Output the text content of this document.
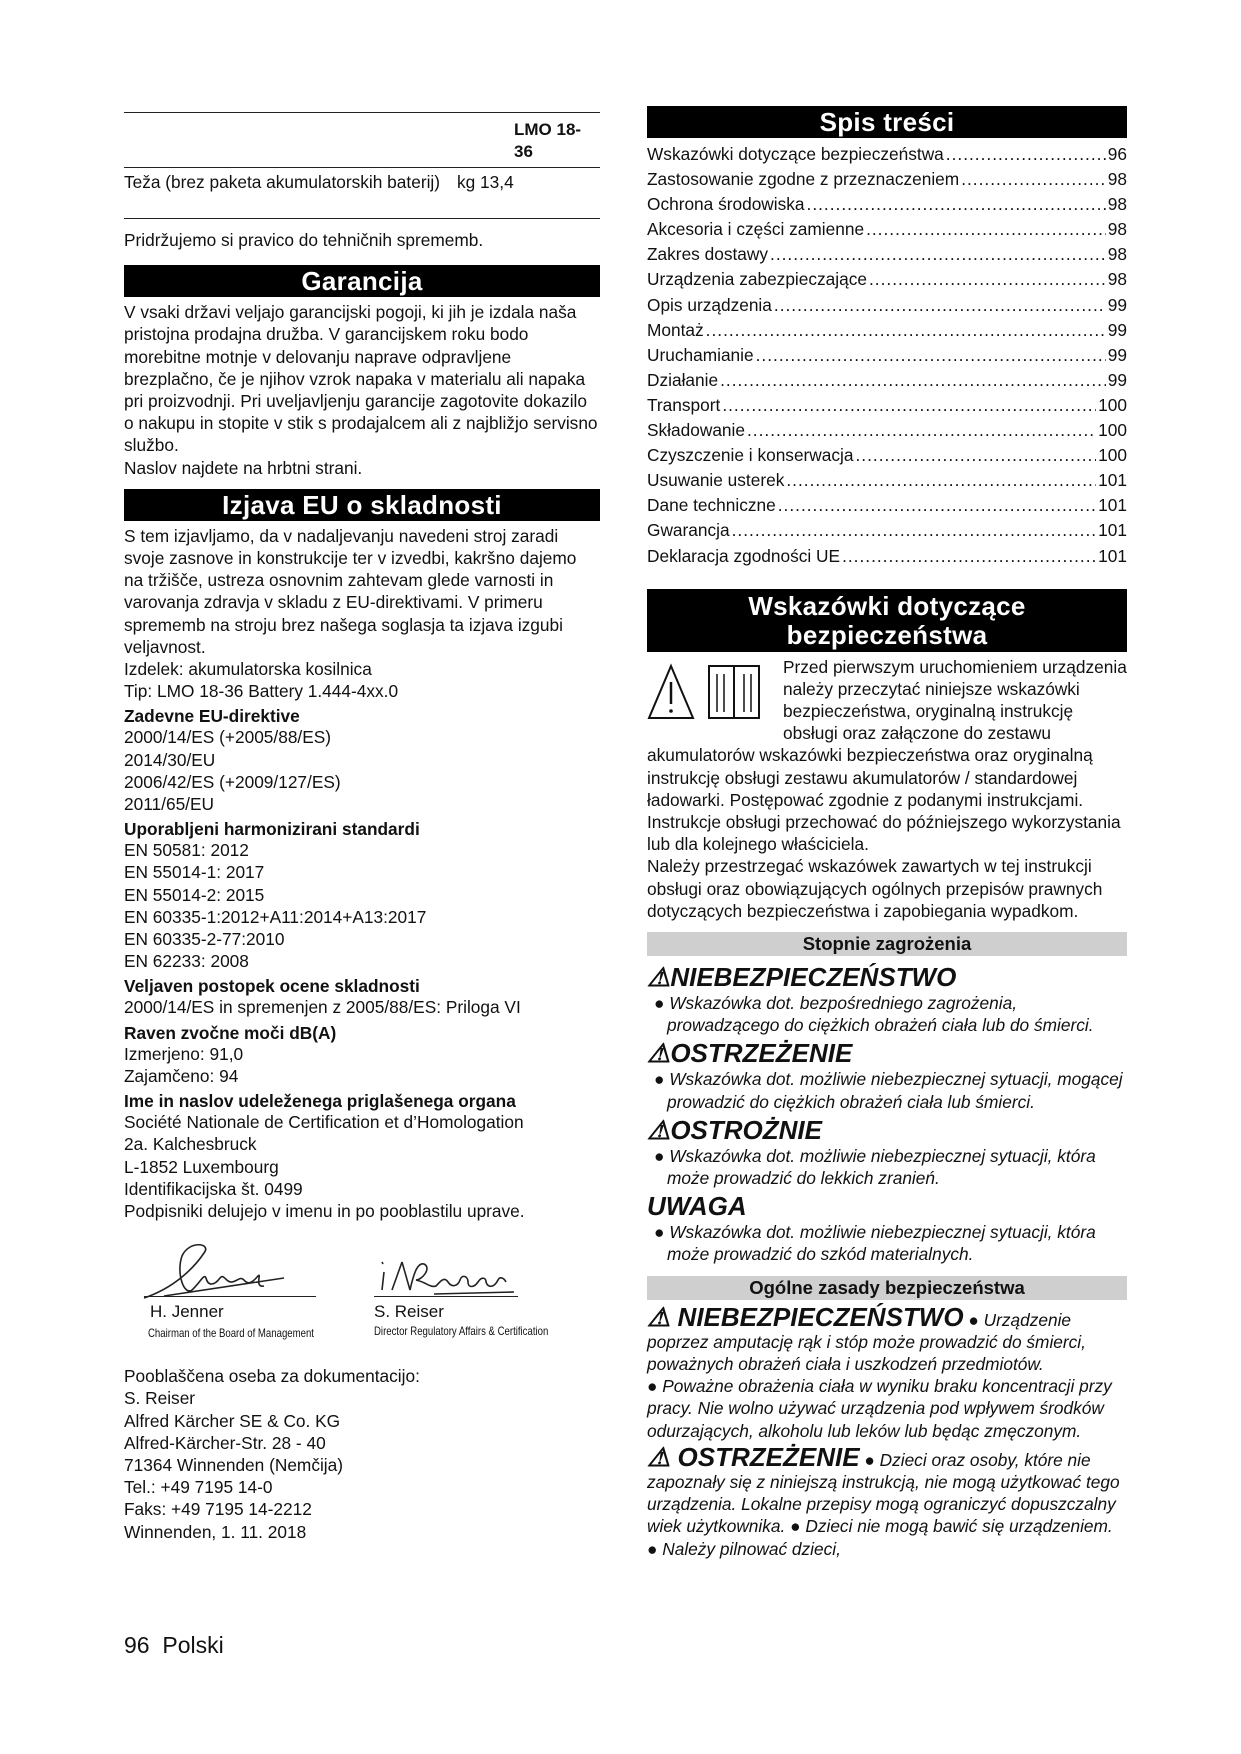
LMO 18-36
Teža (brez paketa akumulatorskih baterij) kg 13,4

Pridržujemo si pravico do tehničnih sprememb.

Garancija

V vsaki državi veljajo garancijski pogoji, ki jih je izdala naša pristojna prodajna družba. V garancijskem roku bodo morebitne motnje v delovanju naprave odpravljene brezplačno, če je njihov vzrok napaka v materialu ali napaka pri proizvodnji. Pri uveljavljenju garancije zagotovite dokazilo o nakupu in stopite v stik s prodajalcem ali z najbližjo servisno službo.

Naslov najdete na hrbtni strani.

Izjava EU o skladnosti

S tem izjavljamo, da v nadaljevanju navedeni stroj zaradi svoje zasnove in konstrukcije ter v izvedbi, kakršno dajemo na tržišče, ustreza osnovnim zahtevam glede varnosti in varovanja zdravja v skladu z EU-direktivami. V primeru sprememb na stroju brez našega soglasja ta izjava izgubi veljavnost.

Izdelek: akumulatorska kosilnica

Tip: LMO 18-36 Battery 1.444-4xx.0

Zadevne EU-direktive

2000/14/ES (+2005/88/ES)

2014/30/EU

2006/42/ES (+2009/127/ES)

2011/65/EU

Uporabljeni harmonizirani standardi

EN 50581: 2012

EN 55014-1: 2017

EN 55014-2: 2015

EN 60335-1:2012+A11:2014+A13:2017

EN 60335-2-77:2010

EN 62233: 2008

Veljaven postopek ocene skladnosti

2000/14/ES in spremenjen z 2005/88/ES: Priloga VI

Raven zvočne moči dB(A)

Izmerjeno: 91,0

Zajamčeno: 94

Ime in naslov udeleženega priglašenega organa

Société Nationale de Certification et d’Homologation

2a. Kalchesbruck

L-1852 Luxembourg

Identifikacijska št. 0499

Podpisniki delujejo v imenu in po pooblastilu uprave.

H. Jenner	S. Reiser
Chairman of the Board of Management	Director Regulatory Affairs & Certification

Pooblaščena oseba za dokumentacijo:

S. Reiser

Alfred Kärcher SE & Co. KG

Alfred-Kärcher-Str. 28 - 40

71364 Winnenden (Nemčija)

Tel.: +49 7195 14-0

Faks: +49 7195 14-2212

Winnenden, 1. 11. 2018

Spis treści
Wskazówki dotyczące bezpieczeństwa .....	96
Zastosowanie zgodne z przeznaczeniem .....	98
Ochrona środowiska .....	98
Akcesoria i części zamienne .....	98
Zakres dostawy .....	98
Urządzenia zabezpieczające .....	98
Opis urządzenia .....	99
Montaż .....	99
Uruchamianie .....	99
Działanie .....	99
Transport .....	100
Składowanie .....	100
Czyszczenie i konserwacja .....	100
Usuwanie usterek .....	101
Dane techniczne .....	101
Gwarancja .....	101
Deklaracja zgodności UE .....	101
Wskazówki dotyczące bezpieczeństwa

Przed pierwszym uruchomieniem urządzenia należy przeczytać niniejsze wskazówki bezpieczeństwa, oryginalną instrukcję obsługi oraz załączone do zestawu akumulatorów wskazówki bezpieczeństwa oraz oryginalną instrukcję obsługi zestawu akumulatorów / standardowej ładowarki. Postępować zgodnie z podanymi instrukcjami. Instrukcje obsługi przechować do późniejszego wykorzystania lub dla kolejnego właściciela.

Należy przestrzegać wskazówek zawartych w tej instrukcji obsługi oraz obowiązujących ogólnych przepisów prawnych dotyczących bezpieczeństwa i zapobiegania wypadkom.

Stopnie zagrożenia
⚠NIEBEZPIECZEŃSTWO
● Wskazówka dot. bezpośredniego zagrożenia, prowadzącego do ciężkich obrażeń ciała lub do śmierci.
⚠OSTRZEŻENIE
● Wskazówka dot. możliwie niebezpiecznej sytuacji, mogącej prowadzić do ciężkich obrażeń ciała lub śmierci.
⚠OSTROŻNIE
● Wskazówka dot. możliwie niebezpiecznej sytuacji, która może prowadzić do lekkich zranień.
UWAGA
● Wskazówka dot. możliwie niebezpiecznej sytuacji, która może prowadzić do szkód materialnych.
Ogólne zasady bezpieczeństwa

⚠ NIEBEZPIECZEŃSTWO ● Urządzenie poprzez amputację rąk i stóp może prowadzić do śmierci, poważnych obrażeń ciała i uszkodzeń przedmiotów.
● Poważne obrażenia ciała w wyniku braku koncentracji przy pracy. Nie wolno używać urządzenia pod wpływem środków odurzających, alkoholu lub leków lub będąc zmęczonym.

⚠ OSTRZEŻENIE ● Dzieci oraz osoby, które nie zapoznały się z niniejszą instrukcją, nie mogą użytkować tego urządzenia. Lokalne przepisy mogą ograniczyć dopuszczalny wiek użytkownika. ● Dzieci nie mogą bawić się urządzeniem. ● Należy pilnować dzieci,

96 Polski
